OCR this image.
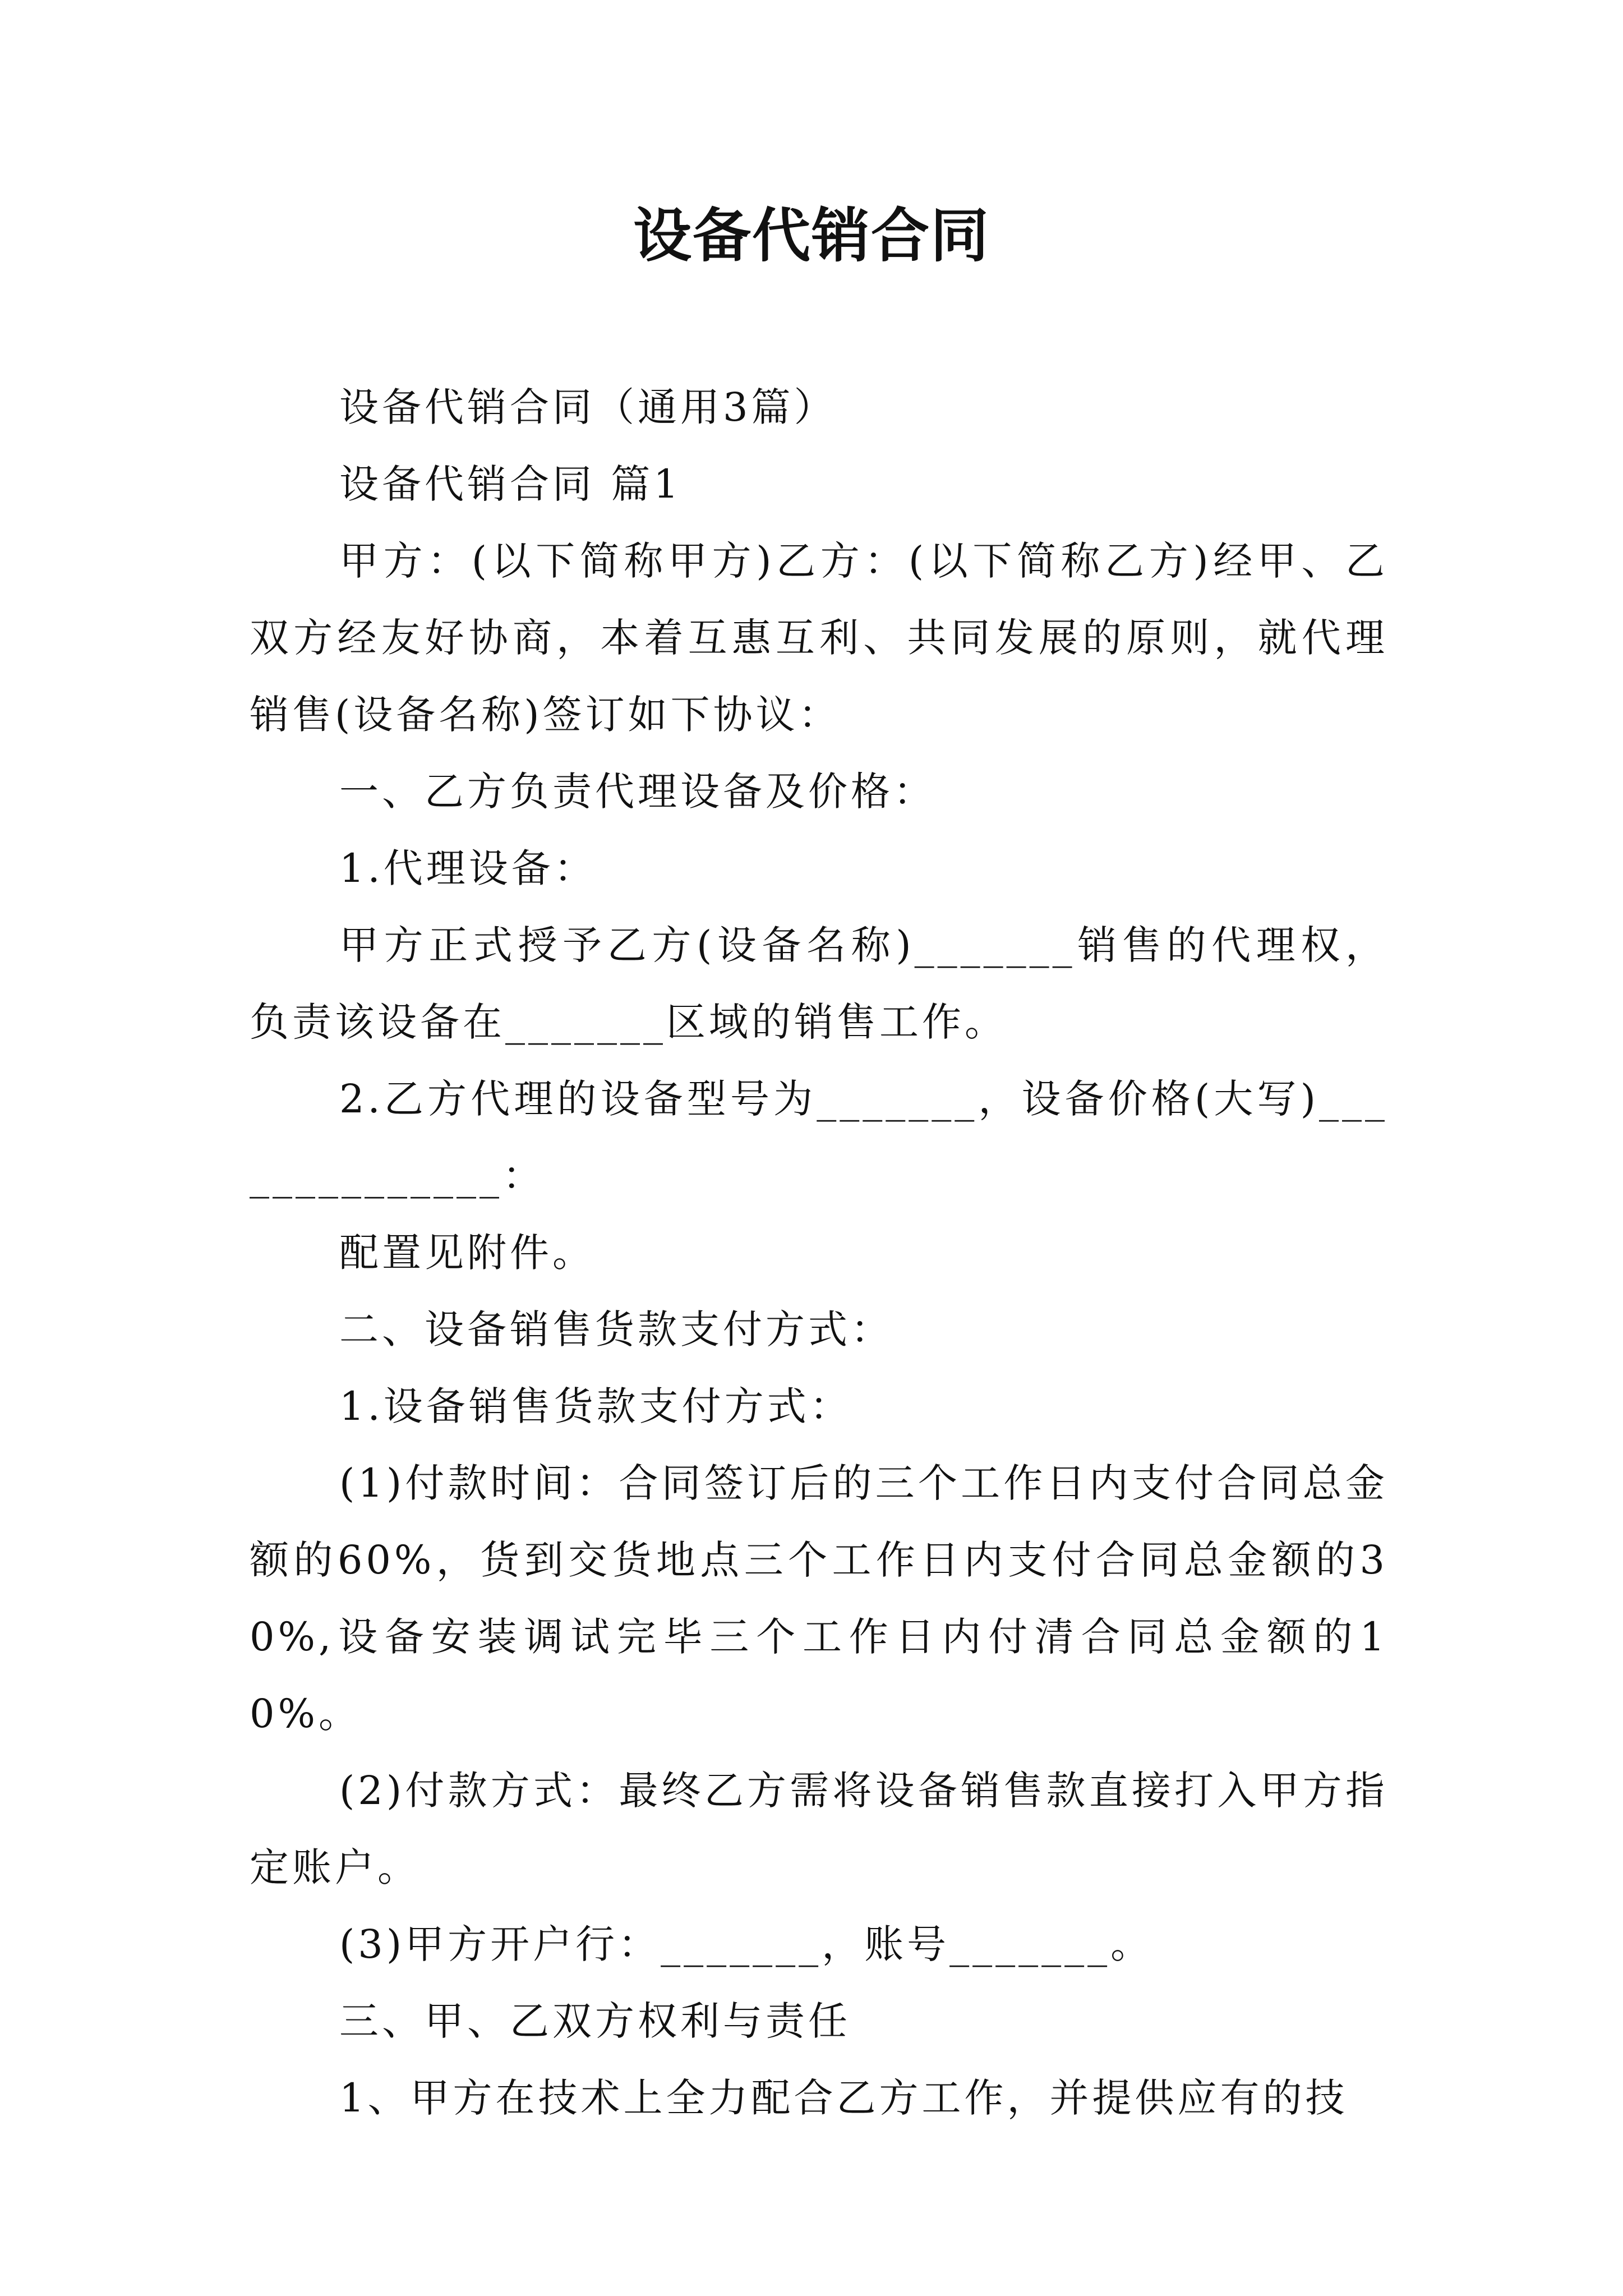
设备代销合同

设备代销合同（通用3篇）

设备代销合同 篇1

甲方：(以下简称甲方)乙方：(以下简称乙方)经甲、乙双方经友好协商，本着互惠互利、共同发展的原则，就代理销售(设备名称)签订如下协议：

一、乙方负责代理设备及价格：

1.代理设备：

甲方正式授予乙方(设备名称)_______销售的代理权，负责该设备在_______区域的销售工作。

2.乙方代理的设备型号为_______，设备价格(大写)______________：

配置见附件。

二、设备销售货款支付方式：

1.设备销售货款支付方式：

(1)付款时间：合同签订后的三个工作日内支付合同总金额的60%，货到交货地点三个工作日内支付合同总金额的30%,设备安装调试完毕三个工作日内付清合同总金额的10%。

(2)付款方式：最终乙方需将设备销售款直接打入甲方指定账户。

(3)甲方开户行：_______，账号_______。

三、甲、乙双方权利与责任

1、甲方在技术上全力配合乙方工作，并提供应有的技
